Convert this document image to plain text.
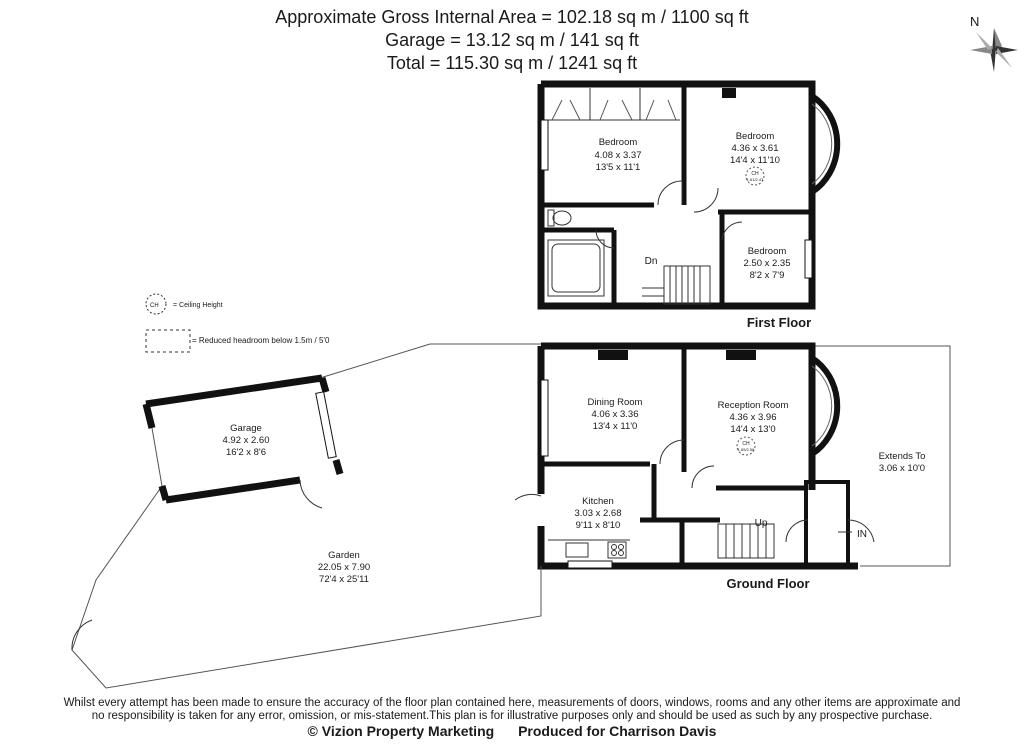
Approximate Gross Internal Area = 102.18 sq m / 1100 sq ft
Garage = 13.12 sq m / 141 sq ft
Total = 115.30 sq m / 1241 sq ft
N
CH = Ceiling Height
= Reduced headroom below 1.5m / 5'0
Bedroom
4.08 x 3.37
13'5 x 11'1
Bedroom
4.36 x 3.61
14'4 x 11'10
CH
1.61/2.47
Bedroom
2.50 x 2.35
8'2 x 7'9
Dn
First Floor
Dining Room
4.06 x 3.36
13'4 x 11'0
Reception Room
4.36 x 3.96
14'4 x 13'0
CH
1.65/2.56
Kitchen
3.03 x 2.68
9'11 x 8'10	Up
IN
Extends To
3.06 x 10'0
Ground Floor
Garden
22.05 x 7.90
72'4 x 25'11
Garage
4.92 x 2.60
16'2 x 8'6
Whilst every attempt has been made to ensure the accuracy of the floor plan contained here, measurements of doors, windows, rooms and any other items are approximate and
no responsibility is taken for any error, omission, or mis-statement.This plan is for illustrative purposes only and should be used as such by any prospective purchase.
© Vizion Property Marketing Produced for Charrison Davis
